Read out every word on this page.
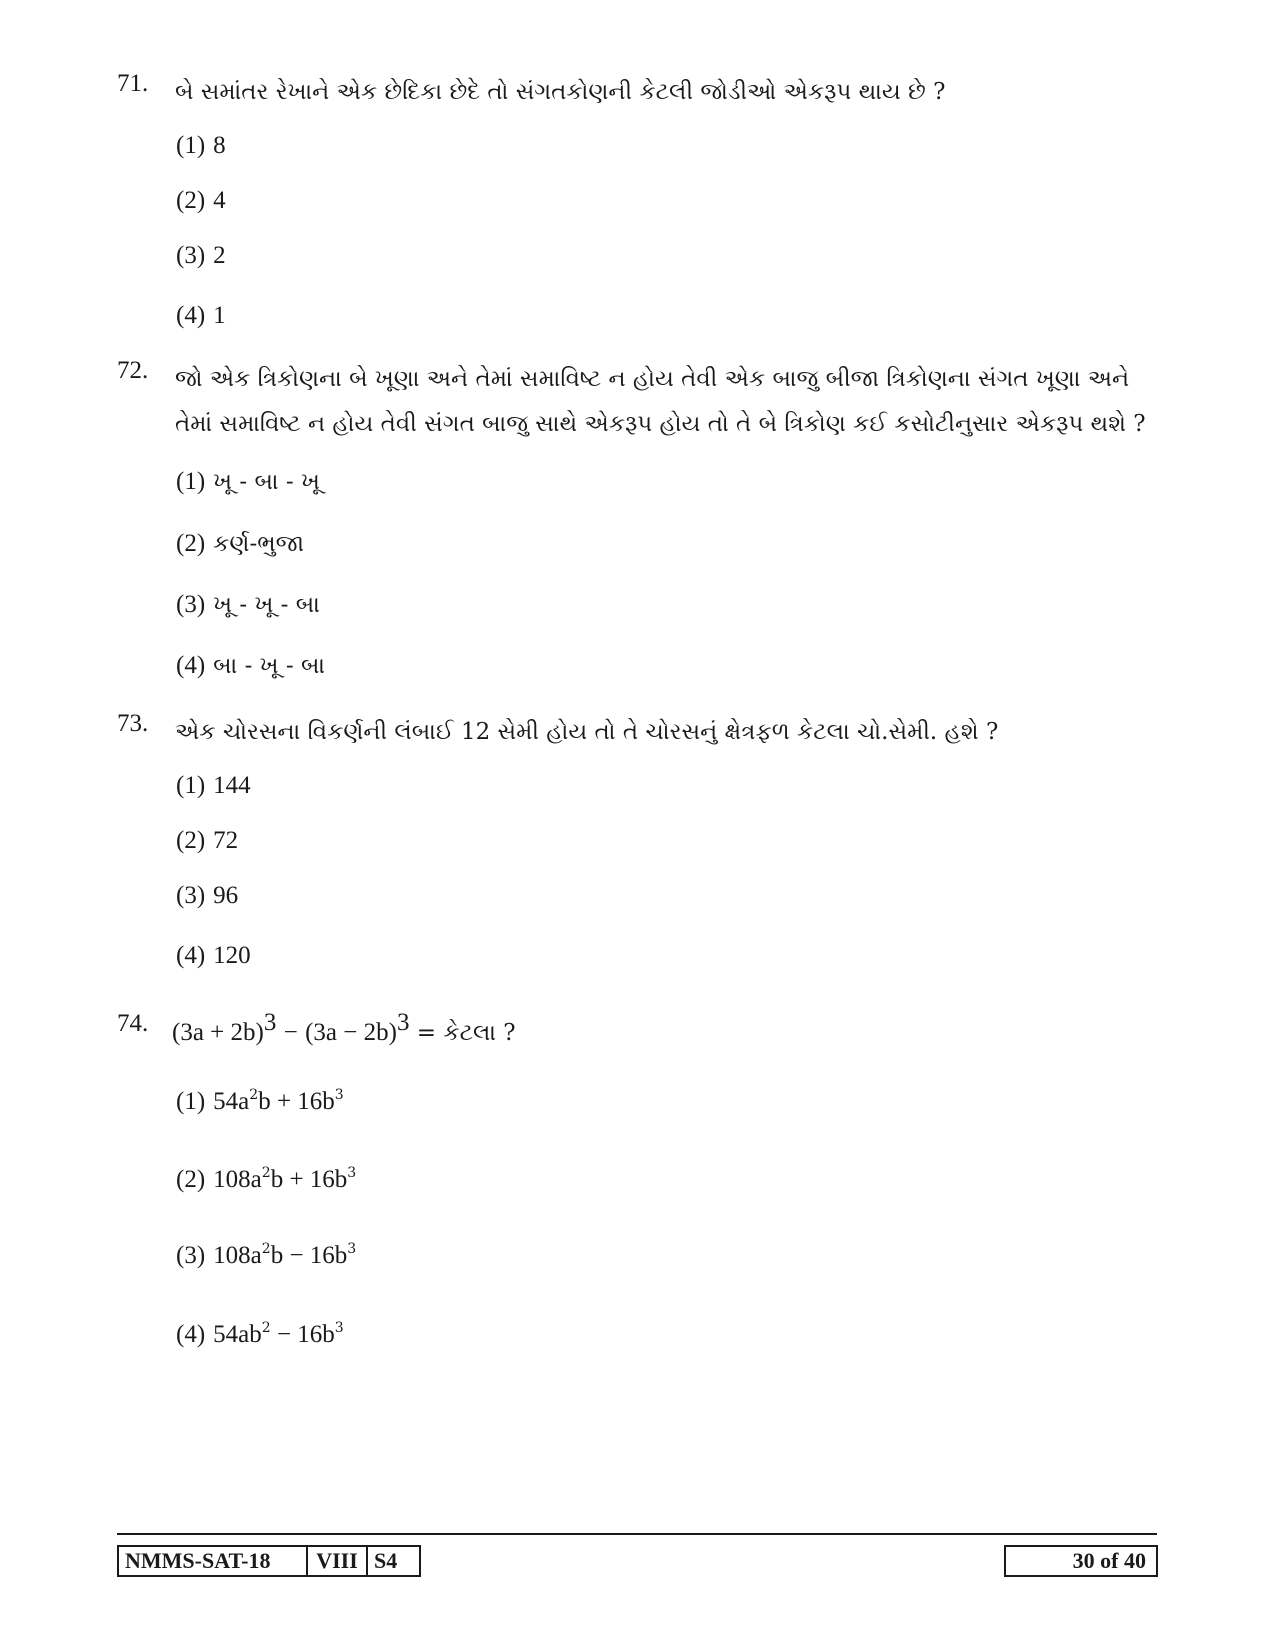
71. બે સમાંતર રેખાને એક છેદિકા છેદે તો સંગતકોણની કેટલી જોડીઓ એકરૂપ થાય છે ?
(1) 8
(2) 4
(3) 2
(4) 1
72. જો એક ત્રિકોણના બે ખૂણા અને તેમાં સમાવિષ્ટ ન હોય તેવી એક બાજુ બીજા ત્રિકોણના સંગત ખૂણા અને
તેમાં સમાવિષ્ટ ન હોય તેવી સંગત બાજુ સાથે એકરૂપ હોય તો તે બે ત્રિકોણ કઈ કસોટીનુસાર એકરૂપ થશે ?
(1) ખૂ - બા - ખૂ
(2) કર્ણ-ભુજા
(3) ખૂ - ખૂ - બા
(4) બા - ખૂ - બા
73. એક ચોરસના વિકર્ણની લંબાઈ 12 સેમી હોય તો તે ચોરસનું ક્ષેત્રફળ કેટલા ચો.સેમી. હશે ?
(1) 144
(2) 72
(3) 96
(4) 120
74. $(3a + 2b)^3 - (3a - 2b)^3$ = કેટલા ?
(1) $54a^2b + 16b^3$
(2) $108a^2b + 16b^3$
(3) $108a^2b - 16b^3$
(4) $54ab^2 - 16b^3$
NMMS-SAT-18	VIII S4	30 of 40
